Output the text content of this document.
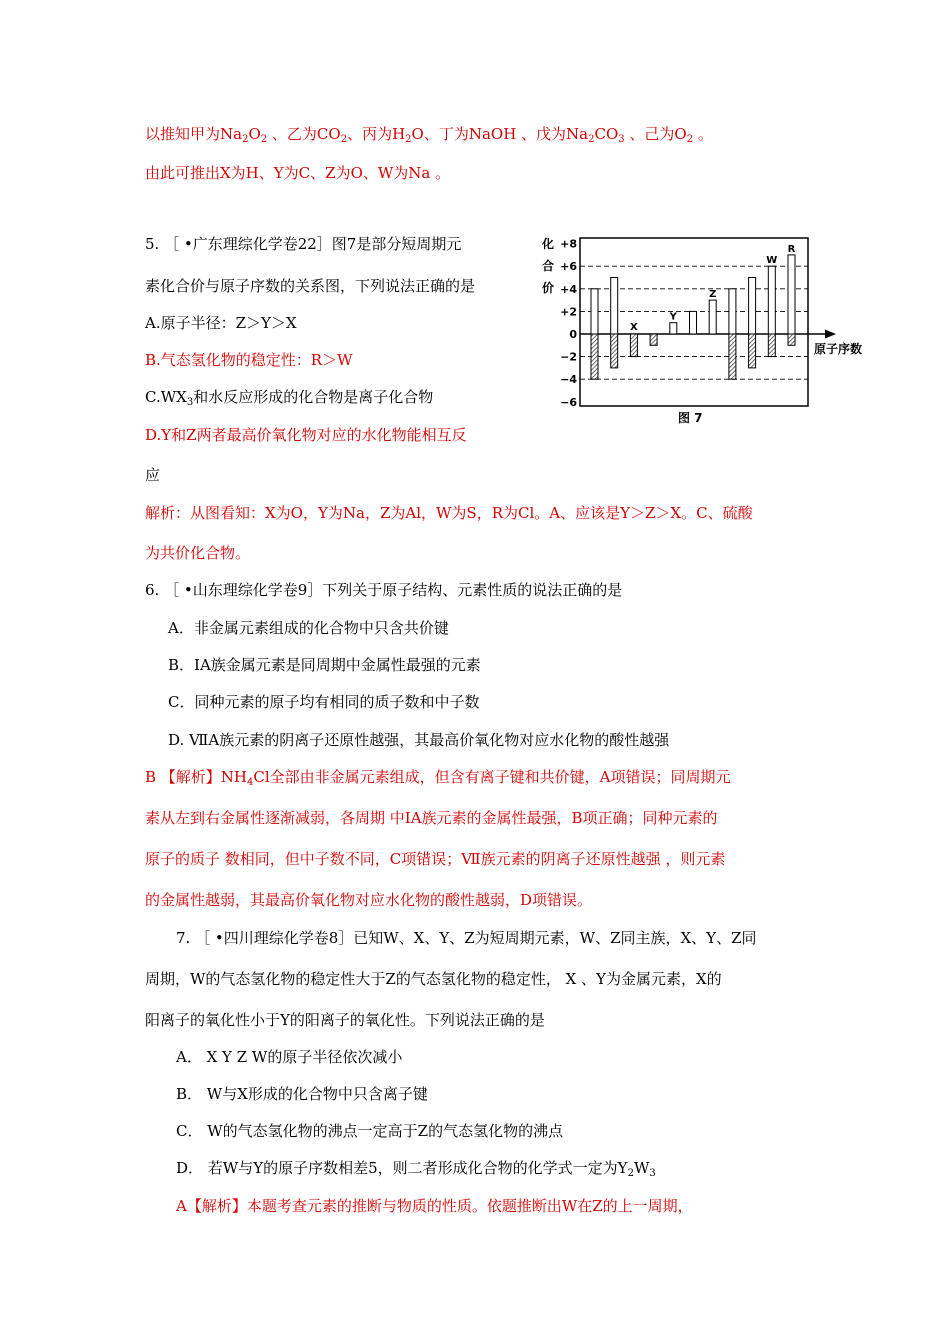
以推知甲为$Na_2O_2$ 、乙为$CO_2$、丙为$H_2O$、丁为NaOH 、戊为$Na_2CO_3$ 、己为$O_2$ 。
由此可推出X为H、Y为C、Z为O、W为Na 。
5. ［ •广东理综化学卷22］图7是部分短周期元
素化合价与原子序数的关系图，下列说法正确的是
A.原子半径：Z＞Y＞X
B.气态氢化物的稳定性：R＞W
$C.WX_3$和水反应形成的化合物是离子化合物
D.Y和Z两者最高价氧化物对应的水化物能相互反
应
解析：从图看知：X为O，Y为Na，Z为Al，W为S，R为Cl。A、应该是Y＞Z＞X。C、硫酸
为共价化合物。
化
合
价
+8
+6
+4
+2
0
−2
−4
−6
原子序数
X
Y
Z
W
R
图 7
6. ［ •山东理综化学卷9］下列关于原子结构、元素性质的说法正确的是
A．非金属元素组成的化合物中只含共价键
B．IA族金属元素是同周期中金属性最强的元素
C．同种元素的原子均有相同的质子数和中子数
D. ⅦA族元素的阴离子还原性越强，其最高价氧化物对应水化物的酸性越强
B 【解析】$NH_4Cl$全部由非金属元素组成，但含有离子键和共价键，A项错误；同周期元
素从左到右金属性逐渐减弱，各周期 中ⅠA族元素的金属性最强，B项正确；同种元素的
原子的质子 数相同，但中子数不同，C项错误；Ⅶ族元素的阴离子还原性越强 ，则元素
的金属性越弱，其最高价氧化物对应水化物的酸性越弱，D项错误。
7. ［ •四川理综化学卷8］已知W、X、Y、Z为短周期元素，W、Z同主族，X、Y、Z同
周期，W的气态氢化物的稳定性大于Z的气态氢化物的稳定性， X 、Y为金属元素，X的
阳离子的氧化性小于Y的阳离子的氧化性。下列说法正确的是
A． X Y Z W的原子半径依次减小
B． W与X形成的化合物中只含离子键
C． W的气态氢化物的沸点一定高于Z的气态氢化物的沸点
D． 若W与Y的原子序数相差5，则二者形成化合物的化学式一定为$Y_2W_3$
A【解析】本题考查元素的推断与物质的性质。依题推断出W在Z的上一周期，
